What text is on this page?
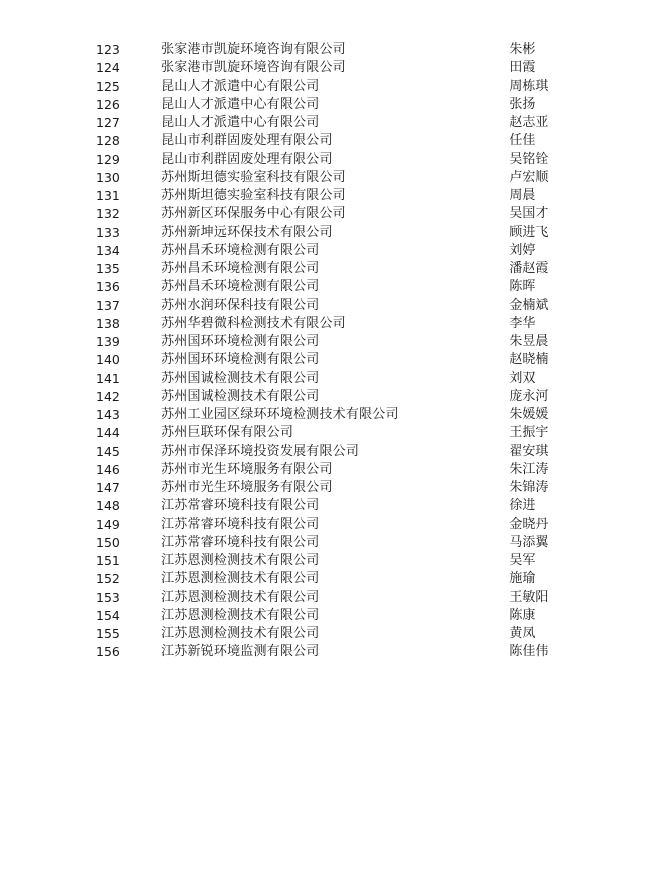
123	张家港市凯旋环境咨询有限公司	朱彬
124	张家港市凯旋环境咨询有限公司	田霞
125	昆山人才派遣中心有限公司	周栋琪
126	昆山人才派遣中心有限公司	张扬
127	昆山人才派遣中心有限公司	赵志亚
128	昆山市利群固废处理有限公司	任佳
129	昆山市利群固废处理有限公司	吴铭铨
130	苏州斯坦德实验室科技有限公司	卢宏顺
131	苏州斯坦德实验室科技有限公司	周晨
132	苏州新区环保服务中心有限公司	吴国才
133	苏州新坤远环保技术有限公司	顾进飞
134	苏州昌禾环境检测有限公司	刘婷
135	苏州昌禾环境检测有限公司	潘赵霞
136	苏州昌禾环境检测有限公司	陈晖
137	苏州水润环保科技有限公司	金楠斌
138	苏州华碧微科检测技术有限公司	李华
139	苏州国环环境检测有限公司	朱昱晨
140	苏州国环环境检测有限公司	赵晓楠
141	苏州国诚检测技术有限公司	刘双
142	苏州国诚检测技术有限公司	庞永河
143	苏州工业园区绿环环境检测技术有限公司	朱媛媛
144	苏州巨联环保有限公司	王振宇
145	苏州市保泽环境投资发展有限公司	翟安琪
146	苏州市光生环境服务有限公司	朱江涛
147	苏州市光生环境服务有限公司	朱锦涛
148	江苏常睿环境科技有限公司	徐进
149	江苏常睿环境科技有限公司	金晓丹
150	江苏常睿环境科技有限公司	马添翼
151	江苏恩测检测技术有限公司	吴军
152	江苏恩测检测技术有限公司	施瑜
153	江苏恩测检测技术有限公司	王敏阳
154	江苏恩测检测技术有限公司	陈康
155	江苏恩测检测技术有限公司	黄凤
156	江苏新锐环境监测有限公司	陈佳伟
